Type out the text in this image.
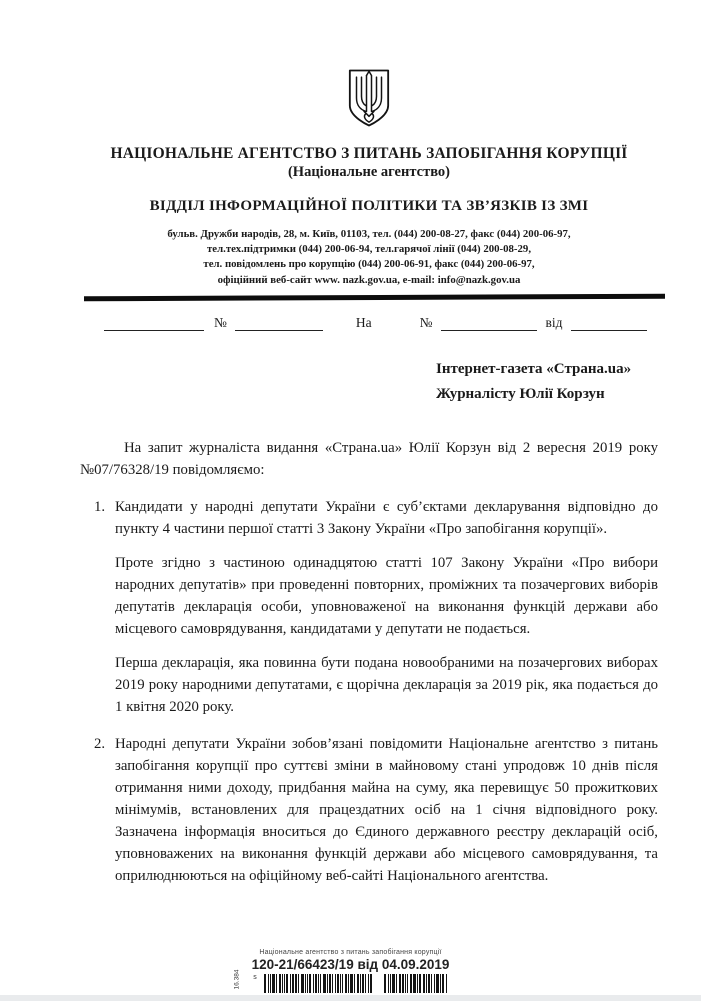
НАЦІОНАЛЬНЕ АГЕНТСТВО З ПИТАНЬ ЗАПОБІГАННЯ КОРУПЦІЇ
(Національне агентство)
ВІДДІЛ ІНФОРМАЦІЙНОЇ ПОЛІТИКИ ТА ЗВ’ЯЗКІВ ІЗ ЗМІ
бульв. Дружби народів, 28, м. Київ, 01103, тел. (044) 200-08-27, факс (044) 200-06-97,
тел.тех.підтримки (044) 200-06-94, тел.гарячої лінії (044) 200-08-29,
тел. повідомлень про корупцію (044) 200-06-91, факс (044) 200-06-97,
офіційний веб-сайт www. nazk.gov.ua, e-mail: info@nazk.gov.ua
№	На	№	від
Інтернет-газета «Страна.ua»
Журналісту Юлії Корзун

На запит журналіста видання «Страна.ua» Юлії Корзун від 2 вересня 2019 року №07/76328/19 повідомляємо:

1. Кандидати у народні депутати України є суб’єктами декларування відповідно до пункту 4 частини першої статті 3 Закону України «Про запобігання корупції».

Проте згідно з частиною одинадцятою статті 107 Закону України «Про вибори народних депутатів» при проведенні повторних, проміжних та позачергових виборів депутатів декларація особи, уповноваженої на виконання функцій держави або місцевого самоврядування, кандидатами у депутати не подається.

Перша декларація, яка повинна бути подана новообраними на позачергових виборах 2019 року народними депутатами, є щорічна декларація за 2019 рік, яка подається до 1 квітня 2020 року.

2. Народні депутати України зобов’язані повідомити Національне агентство з питань запобігання корупції про суттєві зміни в майновому стані упродовж 10 днів після отримання ними доходу, придбання майна на суму, яка перевищує 50 прожиткових мінімумів, встановлених для працездатних осіб на 1 січня відповідного року. Зазначена інформація вноситься до Єдиного державного реєстру декларацій осіб, уповноважених на виконання функцій держави або місцевого самоврядування, та оприлюднюються на офіційному веб-сайті Національного агентства.

Національне агентство з питань запобігання корупції
120-21/66423/19 від 04.09.2019
16.384 $^s$
